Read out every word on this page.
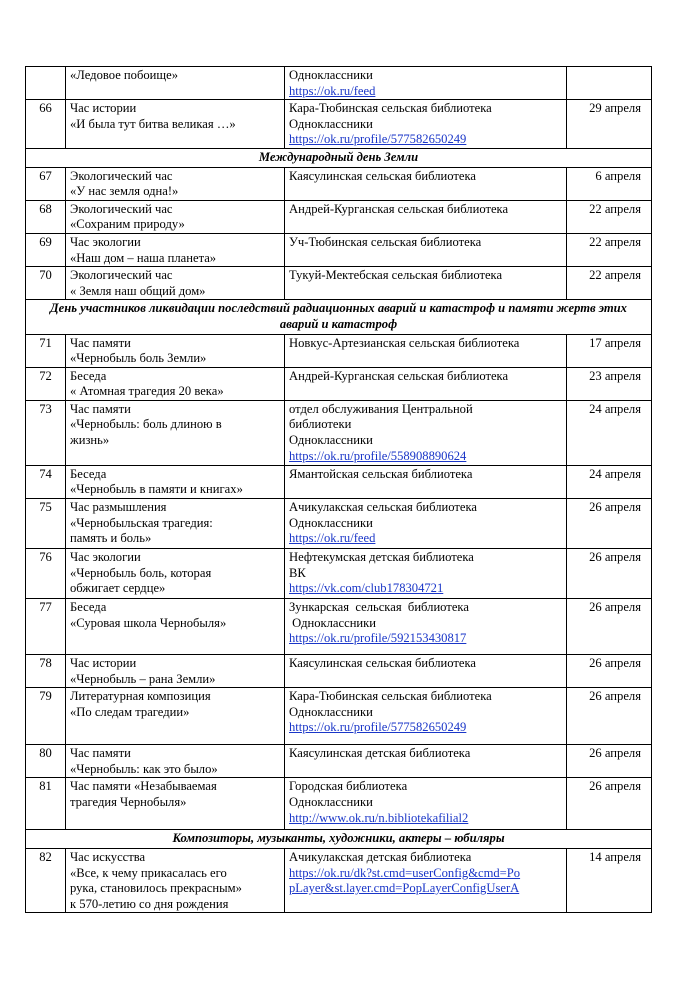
	«Ледовое побоище»	Одноклассники
https://ok.ru/feed	

66	Час истории
«И была тут битва великая …»	Кара-Тюбинская сельская библиотека
Одноклассники
https://ok.ru/profile/577582650249	29 апреля
Международный день Земли			
67	Экологический час
«У нас земля одна!»	Каясулинская сельская библиотека	6 апреля
68	Экологический час
«Сохраним природу»	Андрей-Курганская сельская библиотека	22 апреля
69	Час экологии
«Наш дом – наша планета»	Уч-Тюбинская сельская библиотека	22 апреля
70	Экологический час
« Земля наш общий дом»	Тукуй-Мектебская сельская библиотека	22 апреля
День участников ликвидации последствий радиационных аварий и катастроф и памяти жертв этих аварий и катастроф			
71	Час памяти
«Чернобыль боль Земли»	Новкус-Артезианская сельская библиотека	17 апреля
72	Беседа
« Атомная трагедия 20 века»	Андрей-Курганская сельская библиотека	23 апреля
73	Час памяти
«Чернобыль: боль длиною в
жизнь»	отдел обслуживания Центральной
библиотеки
Одноклассники
https://ok.ru/profile/558908890624	24 апреля
74	Беседа
«Чернобыль в памяти и книгах»	Ямантойская сельская библиотека	24 апреля
75	Час размышления
«Чернобыльская трагедия:
память и боль»	Ачикулакская сельская библиотека
Одноклассники
https://ok.ru/feed	26 апреля
76	Час экологии
«Чернобыль боль, которая
обжигает сердце»	Нефтекумская детская библиотека
ВК
https://vk.com/club178304721	26 апреля
77	Беседа
«Суровая школа Чернобыля»	Зункарская  сельская  библиотека
Одноклассники
https://ok.ru/profile/592153430817	26 апреля
78	Час истории
«Чернобыль – рана Земли»	Каясулинская сельская библиотека	26 апреля
79	Литературная композиция
«По следам трагедии»	Кара-Тюбинская сельская библиотека
Одноклассники
https://ok.ru/profile/577582650249	26 апреля
80	Час памяти
«Чернобыль: как это было»	Каясулинская детская библиотека	26 апреля
81	Час памяти «Незабываемая
трагедия Чернобыля»	Городская библиотека
Одноклассники
http://www.ok.ru/n.bibliotekafilial2	26 апреля
Композиторы, музыканты, художники, актеры – юбиляры			
82	Час искусства
«Все, к чему прикасалась его
рука, становилось прекрасным»
к 570-летию со дня рождения	Ачикулакская детская библиотека
https://ok.ru/dk?st.cmd=userConfig&cmd=Po
pLayer&st.layer.cmd=PopLayerConfigUserA	14 апреля
